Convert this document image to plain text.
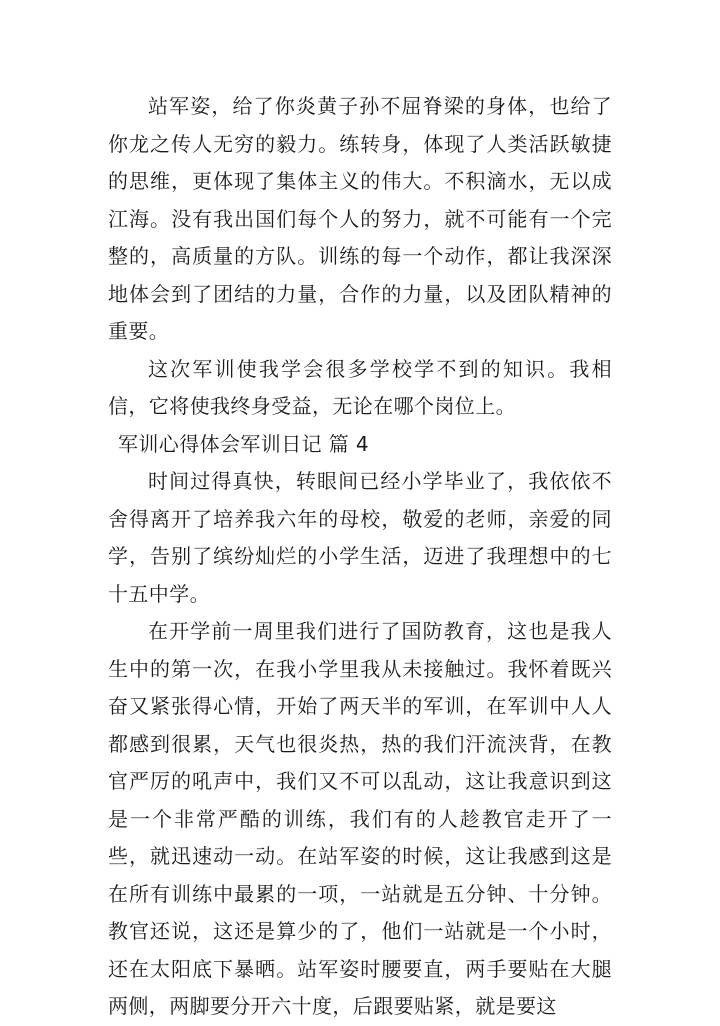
站军姿，给了你炎黄子孙不屈脊梁的身体，也给了你龙之传人无穷的毅力。练转身，体现了人类活跃敏捷的思维，更体现了集体主义的伟大。不积滴水，无以成江海。没有我出国们每个人的努力，就不可能有一个完整的，高质量的方队。训练的每一个动作，都让我深深地体会到了团结的力量，合作的力量，以及团队精神的重要。

这次军训使我学会很多学校学不到的知识。我相信，它将使我终身受益，无论在哪个岗位上。

军训心得体会军训日记 篇 4

时间过得真快，转眼间已经小学毕业了，我依依不舍得离开了培养我六年的母校，敬爱的老师，亲爱的同学，告别了缤纷灿烂的小学生活，迈进了我理想中的七十五中学。

在开学前一周里我们进行了国防教育，这也是我人生中的第一次，在我小学里我从未接触过。我怀着既兴奋又紧张得心情，开始了两天半的军训，在军训中人人都感到很累，天气也很炎热，热的我们汗流浃背，在教官严厉的吼声中，我们又不可以乱动，这让我意识到这是一个非常严酷的训练，我们有的人趁教官走开了一些，就迅速动一动。在站军姿的时候，这让我感到这是在所有训练中最累的一项，一站就是五分钟、十分钟。教官还说，这还是算少的了，他们一站就是一个小时，还在太阳底下暴晒。站军姿时腰要直，两手要贴在大腿两侧，两脚要分开六十度，后跟要贴紧，就是要这
